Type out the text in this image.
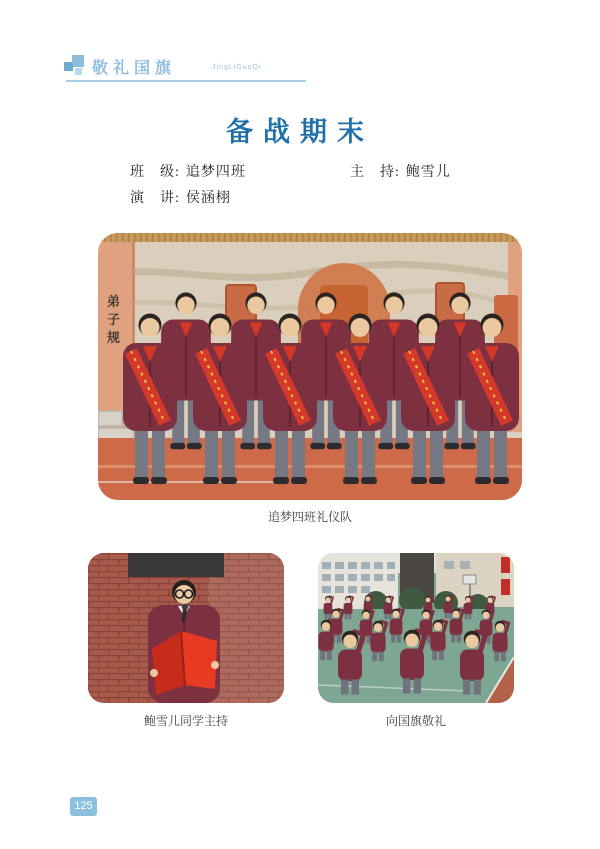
敬礼国旗	JingLiGuoQi
备战期末
班　级: 追梦四班	主　持: 鲍雪儿
演　讲: 侯涵栩
弟子规
追梦四班礼仪队
鲍雪儿同学主持	向国旗敬礼
125
